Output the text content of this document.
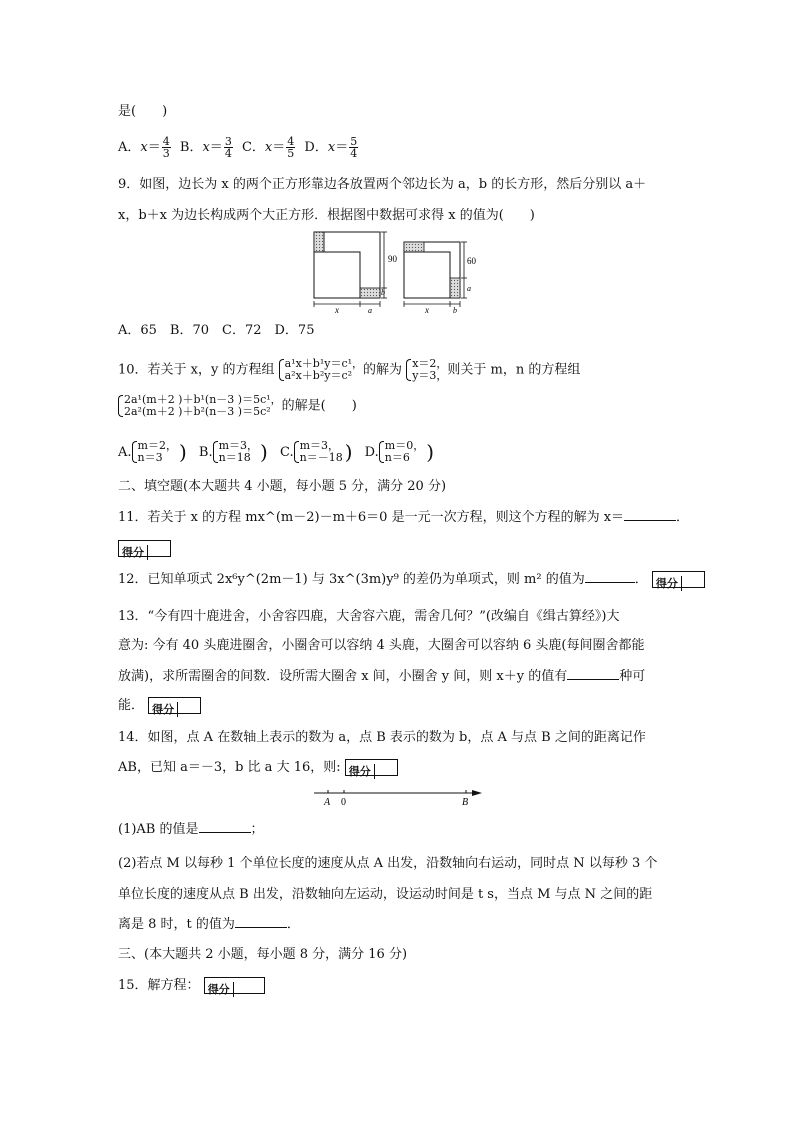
是(　　)
A．$x= \frac{4}{3}$ B．$x= \frac{3}{4}$ C．$x= \frac{4}{5}$ D．$x= \frac{5}{4}$
9．如图，边长为 x 的两个正方形靠边各放置两个邻边长为 a，b 的长方形，然后分别以 a＋
x，b＋x 为边长构成两个大正方形．根据图中数据可求得 x 的值为(　　)
90
b
x	a
60
a
x	b
A．65　B．70　C．72　D．75
10．若关于 x，y 的方程组 a¹x＋b¹y＝c¹，
a²x＋b²y＝c² 的解为 x＝2，
y＝3， 则关于 m，n 的方程组
2a¹(m＋2 )＋b¹(n－3 )＝5c¹，
2a²(m＋2 )＋b²(n－3 )＝5c² 的解是(　　)
A. m＝2，
n＝3 ) B. m＝3，
n＝18 ) C. m＝3，
n＝－18 ) D. m＝0，
n＝6 )
二、填空题(本大题共 4 小题，每小题 5 分，满分 20 分)
11．若关于 x 的方程 mx^(m－2)－m＋6＝0 是一元一次方程，则这个方程的解为 x＝	．
得分
12．已知单项式 2x⁶y^(2m－1) 与 3x^(3m)y⁹ 的差仍为单项式，则 m² 的值为	． 得分
13．“今有四十鹿进舍，小舍容四鹿，大舍容六鹿，需舍几何？”(改编自《缉古算经》)大
意为: 今有 40 头鹿进圈舍，小圈舍可以容纳 4 头鹿，大圈舍可以容纳 6 头鹿(每间圈舍都能
放满)，求所需圈舍的间数．设所需大圈舍 x 间，小圈舍 y 间，则 x＋y 的值有	种可
能． 得分
14．如图，点 A 在数轴上表示的数为 a，点 B 表示的数为 b，点 A 与点 B 之间的距离记作
AB，已知 a＝－3，b 比 a 大 16，则: 得分
A 0	B
(1)AB 的值是	；
(2)若点 M 以每秒 1 个单位长度的速度从点 A 出发，沿数轴向右运动，同时点 N 以每秒 3 个
单位长度的速度从点 B 出发，沿数轴向左运动，设运动时间是 t s，当点 M 与点 N 之间的距
离是 8 时，t 的值为	．
三、(本大题共 2 小题，每小题 8 分，满分 16 分)
15．解方程： 得分
